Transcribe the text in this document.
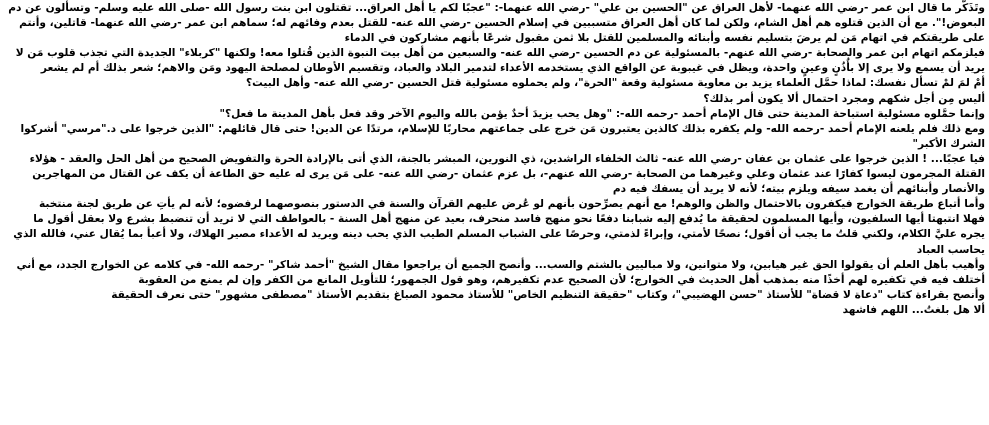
وتَذَكُّر ما قال ابن عمر -رضي الله عنهما- لأهل العراق عن "الحسين بن علي" -رضي الله عنهما-: "عجبًا لكم يا أهل العراق... تقتلون ابن بنت رسول الله -صلى الله عليه وسلم- وتسألون عن دم البعوض!". مع أن الذين قتلوه هم أهل الشام، ولكن لما كان أهل العراق متسببين في إسلام الحسين -رضي الله عنه- للقتل بعدم وفائهم له؛ سماهم ابن عمر -رضي الله عنهما- قاتلين، وأنتم على طريقتكم في اتهام مَن لم يرضَ بتسليم نفسه وأبنائه والمسلمين للقتل بلا ثمن مقبول شرعًا بأنهم مشاركون في الدماء

فيلزمكم اتهام ابن عمر والصحابة -رضي الله عنهم- بالمسئولية عن دم الحسين -رضي الله عنه- والسبعين من أهل بيت النبوة الذين قُتلوا معه! ولكنها "كربلاء" الجديدة التي تجذب قلوب مَن لا يريد أن يسمع ولا يرى إلا بأُذُنٍ وعينٍ واحدة، ويظل في غيبوبة عن الواقع الذي يستخدمه الأعداء لتدمير البلاد والعباد، وتقسيم الأوطان لمصلحة اليهود ومَن والاهم؛ شعر بذلك أم لم يشعر

أمْ لمَ لمْ تسأل نفسك: لماذا حمَّل العلماء يزيد بن معاوية مسئولية وقعة "الحرة"، ولم يحملوه مسئولية قتل الحسين -رضي الله عنه- وأهل البيت؟

أليس مِن أجل شكهم ومجرد احتمال ألا يكون أمر بذلك؟

وإنما حمَّلوه مسئولية استباحة المدينة حتى قال الإمام أحمد -رحمه الله-: "وهل يحب يزيدَ أحدٌ يؤمن بالله واليوم الآخر وقد فعل بأهل المدينة ما فعل؟"

ومع ذلك فلم يلعنه الإمام أحمد -رحمه الله- ولم يكفره بذلك كالذين يعتبرون مَن خرج على جماعتهم محاربًا للإسلام، مرتدًا عن الدين! حتى قال قائلهم: "الذين خرجوا على د."مرسي" أشركوا الشرك الأكبر"

فيا عجبًا... ! الذين خرجوا على عثمان بن عفان -رضي الله عنه- ثالث الخلفاء الراشدين، ذي النورين، المبشر بالجنة، الذي أتى بالإرادة الحرة والتفويض الصحيح من أهل الحل والعقد - هؤلاء القتلة المجرمون ليسوا كفارًا عند عثمان وعلي وغيرهما من الصحابة -رضي الله عنهم-، بل عزم عثمان -رضي الله عنه- على مَن يرى له عليه حق الطاعة أن يكف عن القتال من المهاجرين والأنصار وأبنائهم أن يغمد سيفه ويلزم بيته؛ لأنه لا يريد أن يسفك فيه دم

وأما أتباع طريقة الخوارج فيكفرون بالاحتمال والظن والوهم! مع أنهم يصرِّحون بأنهم لو عُرض عليهم القرآن والسنة في الدستور بنصوصهما لرفضوه؛ لأنه لم يأتِ عن طريق لجنة منتخبة

فهلا انتبهتا أيها السلفيون، وأيها المسلمون لحقيقة ما يُدفع إليه شبابنا دفعًا نحو منهج فاسد منحرف، بعيد عن منهج أهل السنة - بالعواطف التي لا تريد أن تنضبط بشرع ولا بعقل أقول ما يجره عليَّ الكلام، ولكني قلتُ ما يجب أن أقول؛ نصحًا لأمتي، وإبراءً لذمتي، وحرصًا على الشباب المسلم الطيب الذي يحب دينه ويريد له الأعداء مصير الهلاك، ولا أعبأ بما يُقال عني، فالله الذي يحاسب العباد

وأهيب بأهل العلم أن يقولوا الحق غير هيابين، ولا متوانين، ولا مباليين بالشتم والسب... وأنصح الجميع أن يراجعوا مقال الشيخ "أحمد شاكر" -رحمه الله- في كلامه عن الخوارج الجدد، مع أني أختلف فيه في تكفيره لهم أخذًا منه بمذهب أهل الحديث في الخوارج؛ لأن الصحيح عدم تكفيرهم، وهو قول الجمهور؛ للتأويل المانع من الكفر وإن لم يمنع من العقوبة

وأنصح بقراءة كتاب "دعاة لا قضاة" للأستاذ "حسن الهضيبي"، وكتاب "حقيقة التنظيم الخاص" للأستاذ محمود الصباغ بتقديم الأستاذ "مصطفى مشهور" حتى نعرف الحقيقة

ألا هل بلغتُ... اللهم فاشهد
